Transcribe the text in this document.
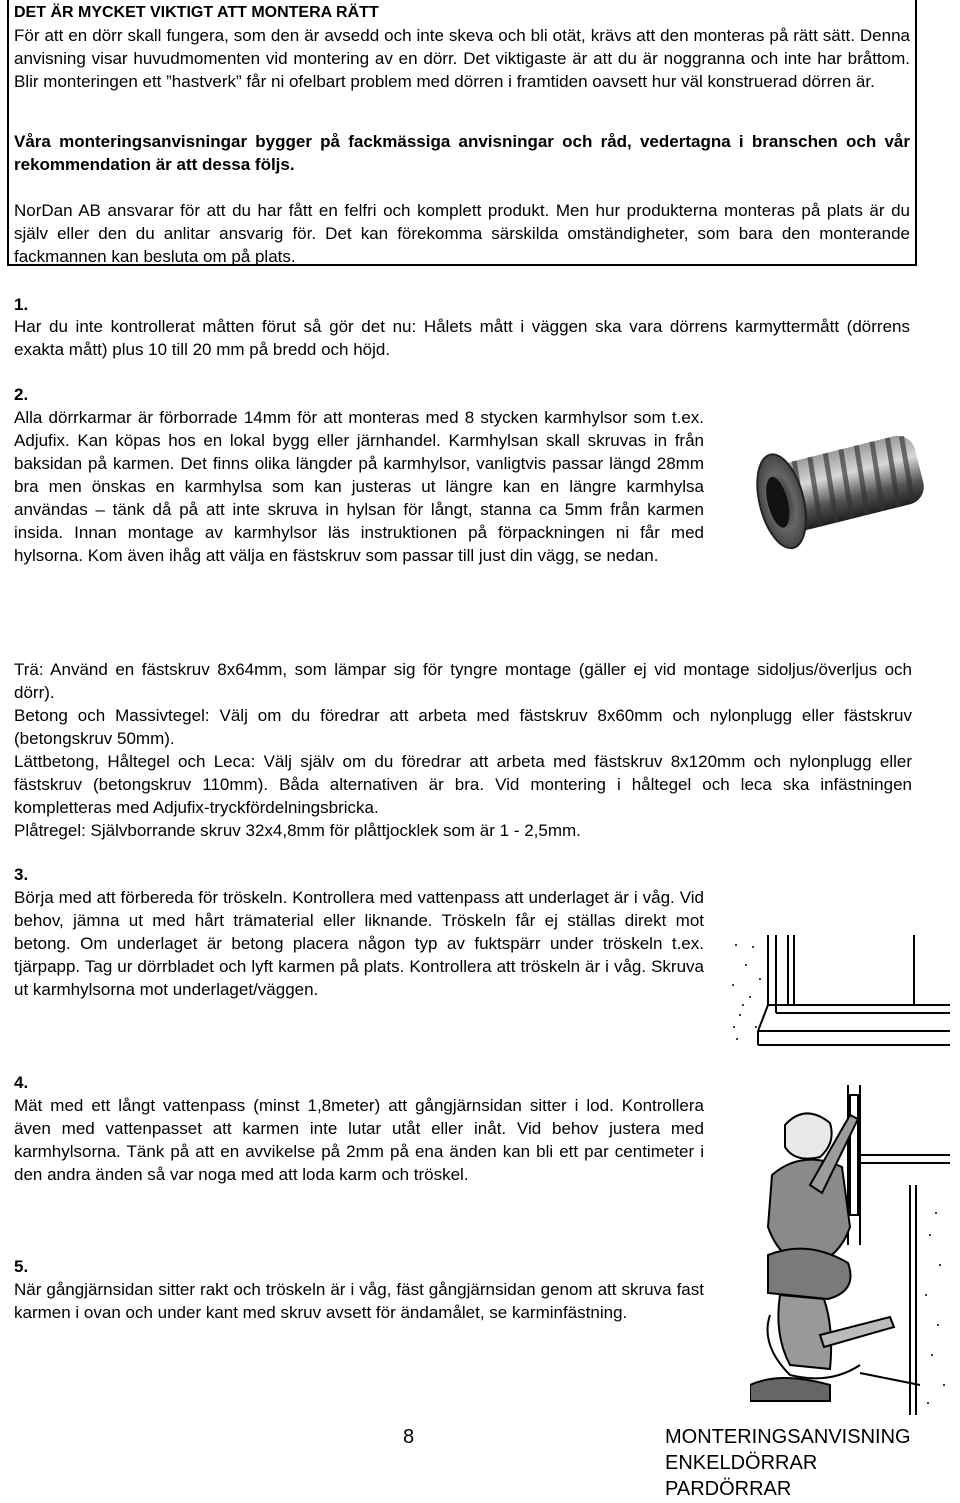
DET ÄR MYCKET VIKTIGT ATT MONTERA RÄTT
För att en dörr skall fungera, som den är avsedd och inte skeva och bli otät, krävs att den monteras på rätt sätt. Denna anvisning visar huvudmomenten vid montering av en dörr. Det viktigaste är att du är noggranna och inte har bråttom. Blir monteringen ett ”hastverk” får ni ofelbart problem med dörren i framtiden oavsett hur väl konstruerad dörren är.
Våra monteringsanvisningar bygger på fackmässiga anvisningar och råd, vedertagna i branschen och vår rekommendation är att dessa följs.
NorDan AB ansvarar för att du har fått en felfri och komplett produkt. Men hur produkterna monteras på plats är du själv eller den du anlitar ansvarig för. Det kan förekomma särskilda omständigheter, som bara den monterande fackmannen kan besluta om på plats.
1.
Har du inte kontrollerat måtten förut så gör det nu: Hålets mått i väggen ska vara dörrens karmyttermått (dörrens exakta mått) plus 10 till 20 mm på bredd och höjd.
2.
Alla dörrkarmar är förborrade 14mm för att monteras med 8 stycken karmhylsor som t.ex. Adjufix. Kan köpas hos en lokal bygg eller järnhandel. Karmhylsan skall skruvas in från baksidan på karmen. Det finns olika längder på karmhylsor, vanligtvis passar längd 28mm bra men önskas en karmhylsa som kan justeras ut längre kan en längre karmhylsa användas – tänk då på att inte skruva in hylsan för långt, stanna ca 5mm från karmen insida. Innan montage av karmhylsor läs instruktionen på förpackningen ni får med hylsorna. Kom även ihåg att välja en fästskruv som passar till just din vägg, se nedan.
Trä: Använd en fästskruv 8x64mm, som lämpar sig för tyngre montage (gäller ej vid montage sidoljus/överljus och dörr).
Betong och Massivtegel: Välj om du föredrar att arbeta med fästskruv 8x60mm och nylonplugg eller fästskruv (betongskruv 50mm).
Lättbetong, Håltegel och Leca: Välj själv om du föredrar att arbeta med fästskruv 8x120mm och nylonplugg eller fästskruv (betongskruv 110mm). Båda alternativen är bra. Vid montering i håltegel och leca ska infästningen kompletteras med Adjufix-tryckfördelningsbricka.
Plåtregel: Självborrande skruv 32x4,8mm för plåttjocklek som är 1 - 2,5mm.
3.
Börja med att förbereda för tröskeln. Kontrollera med vattenpass att underlaget är i våg. Vid behov, jämna ut med hårt trämaterial eller liknande. Tröskeln får ej ställas direkt mot betong. Om underlaget är betong placera någon typ av fuktspärr under tröskeln t.ex. tjärpapp. Tag ur dörrbladet och lyft karmen på plats. Kontrollera att tröskeln är i våg. Skruva ut karmhylsorna mot underlaget/väggen.
4.
Mät med ett långt vattenpass (minst 1,8meter) att gångjärnsidan sitter i lod. Kontrollera även med vattenpasset att karmen inte lutar utåt eller inåt. Vid behov justera med karmhylsorna. Tänk på att en avvikelse på 2mm på ena änden kan bli ett par centimeter i den andra änden så var noga med att loda karm och tröskel.
5.
När gångjärnsidan sitter rakt och tröskeln är i våg, fäst gångjärnsidan genom att skruva fast karmen i ovan och under kant med skruv avsett för ändamålet, se karminfästning.
8	MONTERINGSANVISNING
ENKELDÖRRAR
PARDÖRRAR
